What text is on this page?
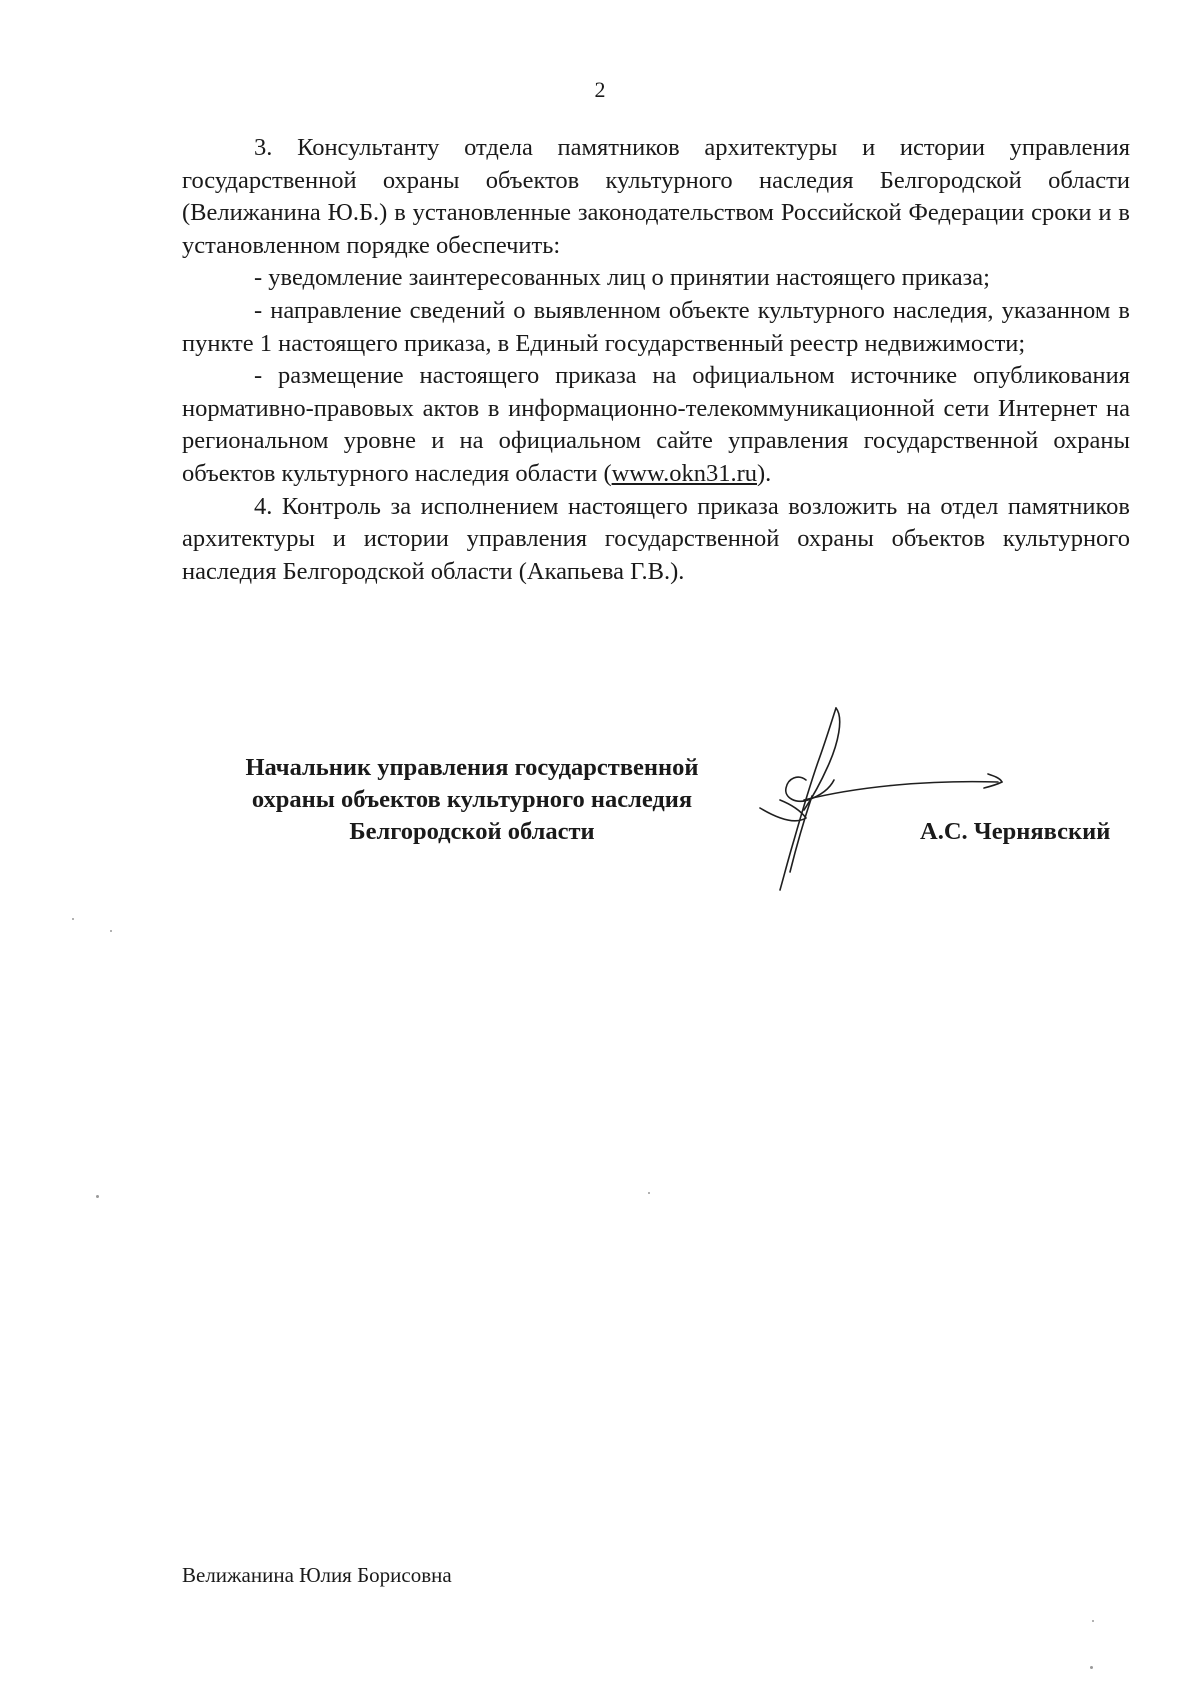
2

3. Консультанту отдела памятников архитектуры и истории управления государственной охраны объектов культурного наследия Белгородской области (Велижанина Ю.Б.) в установленные законодательством Российской Федерации сроки и в установленном порядке обеспечить:

- уведомление заинтересованных лиц о принятии настоящего приказа;

- направление сведений о выявленном объекте культурного наследия, указанном в пункте 1 настоящего приказа, в Единый государственный реестр недвижимости;

- размещение настоящего приказа на официальном источнике опубликования нормативно-правовых актов в информационно-телекоммуникационной сети Интернет на региональном уровне и на официальном сайте управления государственной охраны объектов культурного наследия области (www.okn31.ru).

4. Контроль за исполнением настоящего приказа возложить на отдел памятников архитектуры и истории управления государственной охраны объектов культурного наследия Белгородской области (Акапьева Г.В.).

Начальник управления государственной
охраны объектов культурного наследия
Белгородской области	А.С. Чернявский
Велижанина Юлия Борисовна
